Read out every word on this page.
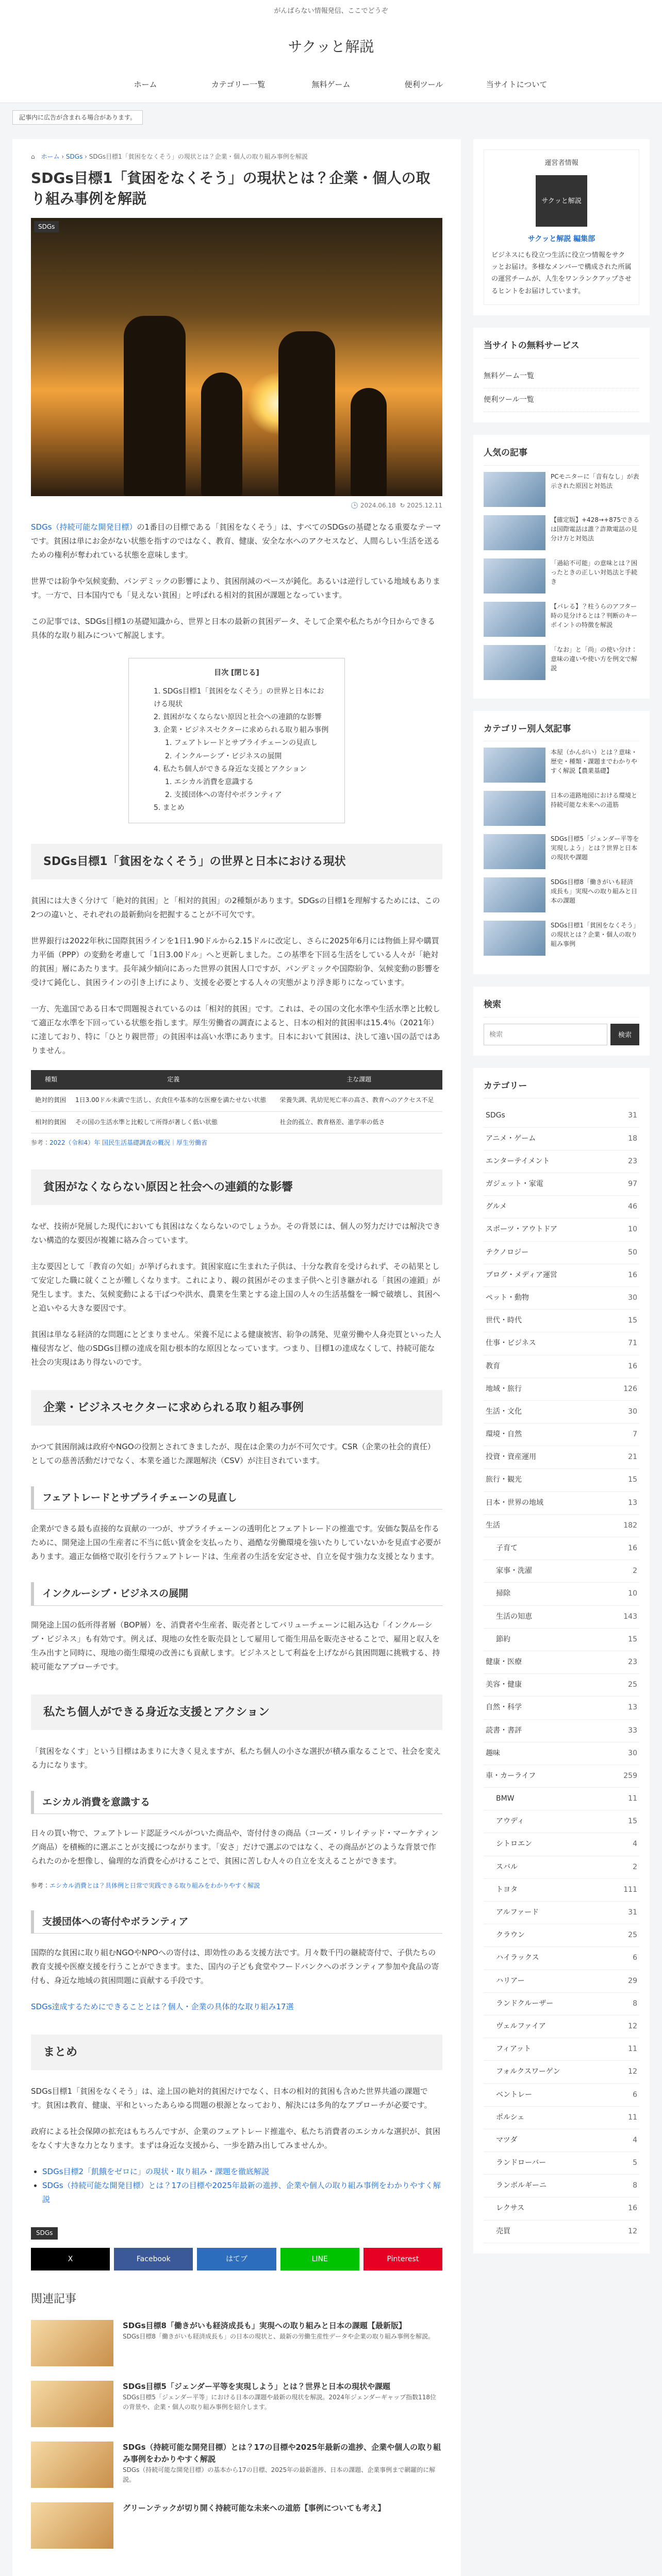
がんばらない情報発信、ここでどうぞ
サクッと解説
ホーム	カテゴリー一覧	無料ゲーム	便利ツール	当サイトについて
記事内に広告が含まれる場合があります。
⌂ ホーム › SDGs › SDGs目標1「貧困をなくそう」の現状とは？企業・個人の取り組み事例を解説
SDGs目標1「貧困をなくそう」の現状とは？企業・個人の取り組み事例を解説
SDGs
🕒 2024.06.18 ↻ 2025.12.11

SDGs（持続可能な開発目標）の1番目の目標である「貧困をなくそう」は、すべてのSDGsの基礎となる重要なテーマです。貧困は単にお金がない状態を指すのではなく、教育、健康、安全な水へのアクセスなど、人間らしい生活を送るための権利が奪われている状態を意味します。

世界では紛争や気候変動、パンデミックの影響により、貧困削減のペースが鈍化。あるいは逆行している地域もあります。一方で、日本国内でも「見えない貧困」と呼ばれる相対的貧困が課題となっています。

この記事では、SDGs目標1の基礎知識から、世界と日本の最新の貧困データ、そして企業や私たちが今日からできる具体的な取り組みについて解説します。

目次 [閉じる]
1. SDGs目標1「貧困をなくそう」の世界と日本における現状
2. 貧困がなくならない原因と社会への連鎖的な影響
3. 企業・ビジネスセクターに求められる取り組み事例
1. フェアトレードとサプライチェーンの見直し
2. インクルーシブ・ビジネスの展開
4. 私たち個人ができる身近な支援とアクション
1. エシカル消費を意識する
2. 支援団体への寄付やボランティア
5. まとめ
SDGs目標1「貧困をなくそう」の世界と日本における現状

貧困には大きく分けて「絶対的貧困」と「相対的貧困」の2種類があります。SDGsの目標1を理解するためには、この2つの違いと、それぞれの最新動向を把握することが不可欠です。

世界銀行は2022年秋に国際貧困ラインを1日1.90ドルから2.15ドルに改定し、さらに2025年6月には物価上昇や購買力平価（PPP）の変動を考慮して「1日3.00ドル」へと更新しました。この基準を下回る生活をしている人々が「絶対的貧困」層にあたります。長年減少傾向にあった世界の貧困人口ですが、パンデミックや国際紛争、気候変動の影響を受けて鈍化し、貧困ラインの引き上げにより、支援を必要とする人々の実態がより浮き彫りになっています。

一方、先進国である日本で問題視されているのは「相対的貧困」です。これは、その国の文化水準や生活水準と比較して適正な水準を下回っている状態を指します。厚生労働省の調査によると、日本の相対的貧困率は15.4％（2021年）に達しており、特に「ひとり親世帯」の貧困率は高い水準にあります。日本において貧困は、決して遠い国の話ではありません。

種類	定義	主な課題
絶対的貧困	1日3.00ドル未満で生活し、衣食住や基本的な医療を満たせない状態	栄養失調、乳幼児死亡率の高さ、教育へのアクセス不足
相対的貧困	その国の生活水準と比較して所得が著しく低い状態	社会的孤立、教育格差、進学率の低さ
参考：2022（令和4）年 国民生活基礎調査の概況｜厚生労働省
貧困がなくならない原因と社会への連鎖的な影響

なぜ、技術が発展した現代においても貧困はなくならないのでしょうか。その背景には、個人の努力だけでは解決できない構造的な要因が複雑に絡み合っています。

主な要因として「教育の欠如」が挙げられます。貧困家庭に生まれた子供は、十分な教育を受けられず、その結果として安定した職に就くことが難しくなります。これにより、親の貧困がそのまま子供へと引き継がれる「貧困の連鎖」が発生します。また、気候変動による干ばつや洪水、農業を生業とする途上国の人々の生活基盤を一瞬で破壊し、貧困へと追いやる大きな要因です。

貧困は単なる経済的な問題にとどまりません。栄養不足による健康被害、紛争の誘発、児童労働や人身売買といった人権侵害など、他のSDGs目標の達成を阻む根本的な原因となっています。つまり、目標1の達成なくして、持続可能な社会の実現はあり得ないのです。

企業・ビジネスセクターに求められる取り組み事例

かつて貧困削減は政府やNGOの役割とされてきましたが、現在は企業の力が不可欠です。CSR（企業の社会的責任）としての慈善活動だけでなく、本業を通じた課題解決（CSV）が注目されています。

フェアトレードとサプライチェーンの見直し

企業ができる最も直接的な貢献の一つが、サプライチェーンの透明化とフェアトレードの推進です。安価な製品を作るために、開発途上国の生産者に不当に低い賃金を支払ったり、過酷な労働環境を強いたりしていないかを見直す必要があります。適正な価格で取引を行うフェアトレードは、生産者の生活を安定させ、自立を促す強力な支援となります。

インクルーシブ・ビジネスの展開

開発途上国の低所得者層（BOP層）を、消費者や生産者、販売者としてバリューチェーンに組み込む「インクルーシブ・ビジネス」も有効です。例えば、現地の女性を販売員として雇用して衛生用品を販売させることで、雇用と収入を生み出すと同時に、現地の衛生環境の改善にも貢献します。ビジネスとして利益を上げながら貧困問題に挑戦する、持続可能なアプローチです。

私たち個人ができる身近な支援とアクション

「貧困をなくす」という目標はあまりに大きく見えますが、私たち個人の小さな選択が積み重なることで、社会を変える力になります。

エシカル消費を意識する

日々の買い物で、フェアトレード認証ラベルがついた商品や、寄付付きの商品（コーズ・リレイテッド・マーケティング商品）を積極的に選ぶことが支援につながります。「安さ」だけで選ぶのではなく、その商品がどのような背景で作られたのかを想像し、倫理的な消費を心がけることで、貧困に苦しむ人々の自立を支えることができます。

参考：エシカル消費とは？具体例と日常で実践できる取り組みをわかりやすく解説

支援団体への寄付やボランティア

国際的な貧困に取り組むNGOやNPOへの寄付は、即効性のある支援方法です。月々数千円の継続寄付で、子供たちの教育支援や医療支援を行うことができます。また、国内の子ども食堂やフードバンクへのボランティア参加や食品の寄付も、身近な地域の貧困問題に貢献する手段です。

SDGs達成するためにできることとは？個人・企業の具体的な取り組み17選

まとめ

SDGs目標1「貧困をなくそう」は、途上国の絶対的貧困だけでなく、日本の相対的貧困も含めた世界共通の課題です。貧困は教育、健康、平和といったあらゆる問題の根源となっており、解決には多角的なアプローチが必要です。

政府による社会保障の拡充はもちろんですが、企業のフェアトレード推進や、私たち消費者のエシカルな選択が、貧困をなくす大きな力となります。まずは身近な支援から、一歩を踏み出してみませんか。

• SDGs目標2「飢餓をゼロに」の現状・取り組み・課題を徹底解説
• SDGs（持続可能な開発目標）とは？17の目標や2025年最新の進捗、企業や個人の取り組み事例をわかりやすく解説
SDGs
X	Facebook	はてブ	LINE	Pinterest
関連記事
SDGs目標8「働きがいも経済成長も」実現への取り組みと日本の課題【最新版】

SDGs目標8「働きがいも経済成長も」の日本の現状と、最新の労働生産性データや企業の取り組み事例を解説。

SDGs目標5「ジェンダー平等を実現しよう」とは？世界と日本の現状や課題

SDGs目標5「ジェンダー平等」における日本の課題や最新の現状を解説。2024年ジェンダーギャップ指数118位の背景や、企業・個人の取り組み事例を紹介します。

SDGs（持続可能な開発目標）とは？17の目標や2025年最新の進捗、企業や個人の取り組み事例をわかりやすく解説

SDGs（持続可能な開発目標）の基本から17の目標、2025年の最新進捗、日本の課題、企業事例まで網羅的に解説。

グリーンテックが切り開く持続可能な未来への道筋【事例についても考え】

運営者情報
サクッと解説
サクッと解説 編集部
ビジネスにも役立つ生活に役立つ情報をサクッとお届け。多様なメンバーで構成された所属の運営チームが、人生をワンランクアップさせるヒントをお届けしています。
当サイトの無料サービス
無料ゲーム一覧
便利ツール一覧
人気の記事
PCモニターに「音有なし」が表示された原因と対処法
【確定版】+428→+875できるは国際電話は誰？詐欺電話の見分け方と対処法
「過給不可能」の意味とは？困ったときの正しい対処法と手続き
【パレる】？柱うらのアフター時の見分けるとは？判断のキーポイントの特徴を解説
「なお」と「尚」の使い分け：意味の違いや使い方を例文で解説
カテゴリー別人気記事
本屋（かんがい）とは？意味・歴史・種類・課題までわかりやすく解説【農業基礎】
日本の道路地図における環境と持続可能な未来への道筋
SDGs目標5「ジェンダー平等を実現しよう」とは？世界と日本の現状や課題
SDGs目標8「働きがいも経済成長も」実現への取り組みと日本の課題
SDGs目標1「貧困をなくそう」の現状とは？企業・個人の取り組み事例
検索
検索
検索
カテゴリー
SDGs	31
アニメ・ゲーム	18
エンターテイメント	23
ガジェット・家電	97
グルメ	46
スポーツ・アウトドア	10
テクノロジー	50
ブログ・メディア運営	16
ペット・動物	30
世代・時代	15
仕事・ビジネス	71
教育	16
地域・旅行	126
生活・文化	30
環境・自然	7
投資・資産運用	21
旅行・観光	15
日本・世界の地域	13
生活	182
子育て	16
家事・洗濯	2
掃除	10
生活の知恵	143
節約	15
健康・医療	23
美容・健康	25
自然・科学	13
読書・書評	33
趣味	30
車・カーライフ	259
BMW	11
アウディ	15
シトロエン	4
スバル	2
トヨタ	111
アルファード	31
クラウン	25
ハイラックス	6
ハリアー	29
ランドクルーザー	8
ヴェルファイア	12
フィアット	11
フォルクスワーゲン	12
ベントレー	6
ポルシェ	11
マツダ	4
ランドローバー	5
ランボルギーニ	8
レクサス	16
売買	12
